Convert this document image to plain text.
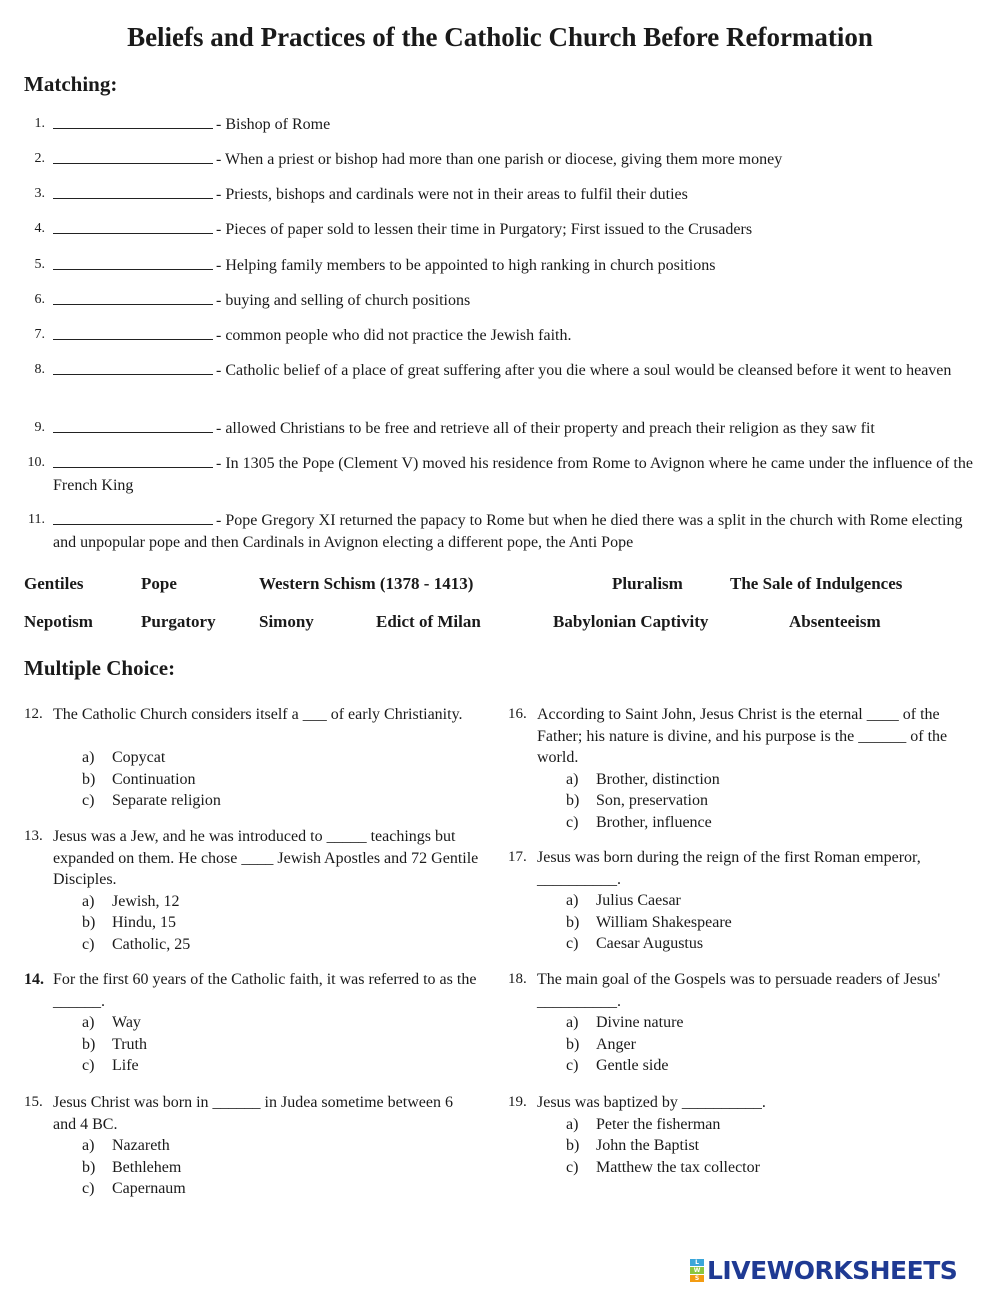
Beliefs and Practices of the Catholic Church Before Reformation
Matching:
1.	- Bishop of Rome
2.	- When a priest or bishop had more than one parish or diocese, giving them more money
3.	- Priests, bishops and cardinals were not in their areas to fulfil their duties
4.	- Pieces of paper sold to lessen their time in Purgatory; First issued to the Crusaders
5.	- Helping family members to be appointed to high ranking in church positions
6.	- buying and selling of church positions
7.	- common people who did not practice the Jewish faith.
8.	- Catholic belief of a place of great suffering after you die where a soul would be cleansed before it went to heaven
9.	- allowed Christians to be free and retrieve all of their property and preach their religion as they saw fit
10.	- In 1305 the Pope (Clement V) moved his residence from Rome to Avignon where he came under the influence of the French King
11.	- Pope Gregory XI returned the papacy to Rome but when he died there was a split in the church with Rome electing and unpopular pope and then Cardinals in Avignon electing a different pope, the Anti Pope
Gentiles	Pope	Western Schism (1378 - 1413)	Pluralism	The Sale of Indulgences
Nepotism	Purgatory	Simony	Edict of Milan	Babylonian Captivity	Absenteeism
Multiple Choice:
12. The Catholic Church considers itself a ___ of early Christianity.
a) Copycat
b) Continuation
c) Separate religion
13. Jesus was a Jew, and he was introduced to _____ teachings but expanded on them. He chose ____ Jewish Apostles and 72 Gentile Disciples.
a) Jewish, 12
b) Hindu, 15
c) Catholic, 25
14. For the first 60 years of the Catholic faith, it was referred to as the ______.
a) Way
b) Truth
c) Life
15. Jesus Christ was born in ______ in Judea sometime between 6 and 4 BC.
a) Nazareth
b) Bethlehem
c) Capernaum
16. According to Saint John, Jesus Christ is the eternal ____ of the Father; his nature is divine, and his purpose is the ______ of the world.
a) Brother, distinction
b) Son, preservation
c) Brother, influence
17. Jesus was born during the reign of the first Roman emperor, __________.
a) Julius Caesar
b) William Shakespeare
c) Caesar Augustus
18. The main goal of the Gospels was to persuade readers of Jesus' __________.
a) Divine nature
b) Anger
c) Gentle side
19. Jesus was baptized by __________.
a) Peter the fisherman
b) John the Baptist
c) Matthew the tax collector
L
W
S LIVEWORKSHEETS
